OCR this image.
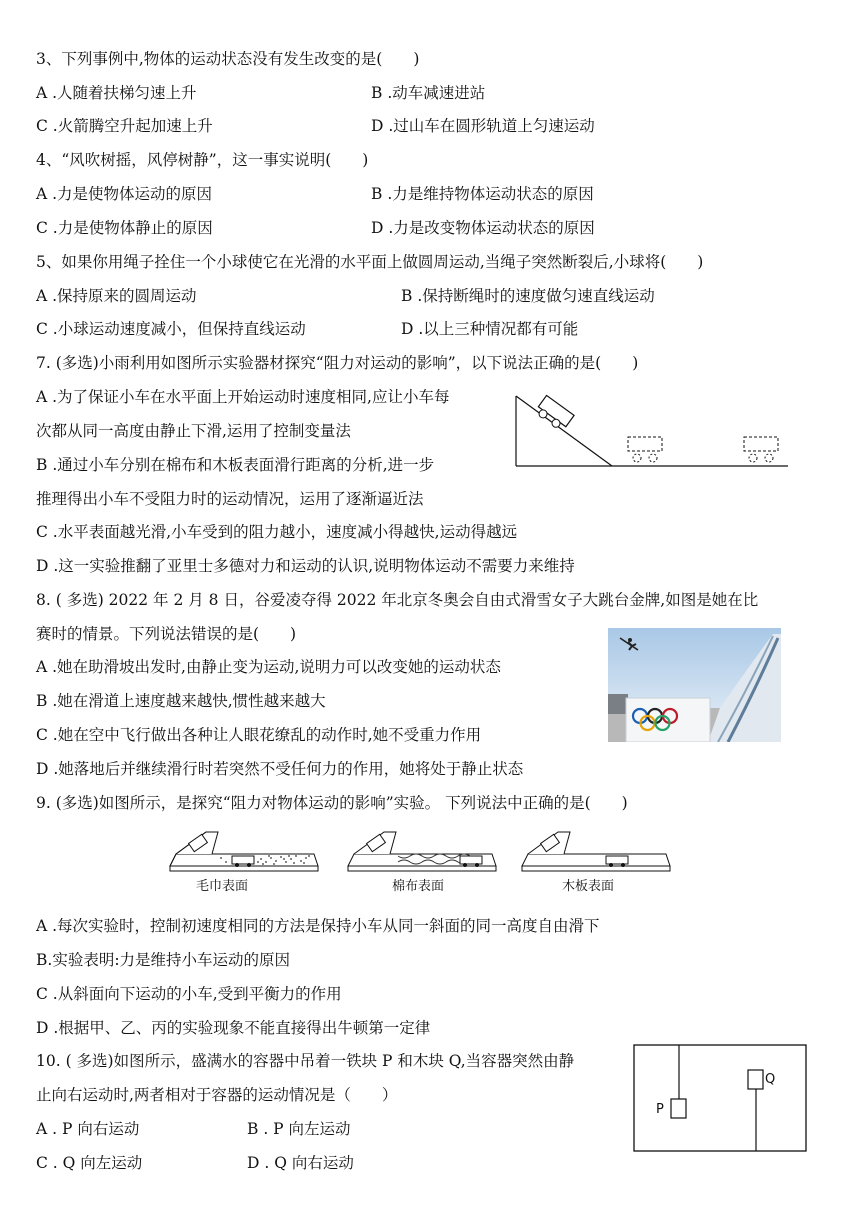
3、下列事例中,物体的运动状态没有发生改变的是(　　)
A .人随着扶梯匀速上升	B .动车减速进站
C .火箭腾空升起加速上升	D .过山车在圆形轨道上匀速运动
4、“风吹树摇，风停树静”，这一事实说明(　　)
A .力是使物体运动的原因	B .力是维持物体运动状态的原因
C .力是使物体静止的原因	D .力是改变物体运动状态的原因
5、如果你用绳子拴住一个小球使它在光滑的水平面上做圆周运动,当绳子突然断裂后,小球将(　　)
A .保持原来的圆周运动	B .保持断绳时的速度做匀速直线运动
C .小球运动速度减小，但保持直线运动	D .以上三种情况都有可能
7. (多选)小雨利用如图所示实验器材探究“阻力对运动的影响”，以下说法正确的是(　　)
A .为了保证小车在水平面上开始运动时速度相同,应让小车每
次都从同一高度由静止下滑,运用了控制变量法
B .通过小车分别在棉布和木板表面滑行距离的分析,进一步
推理得出小车不受阻力时的运动情况，运用了逐渐逼近法
C .水平表面越光滑,小车受到的阻力越小，速度减小得越快,运动得越远
D .这一实验推翻了亚里士多德对力和运动的认识,说明物体运动不需要力来维持
8. ( 多选) 2022 年 2 月 8 日，谷爱凌夺得 2022 年北京冬奥会自由式滑雪女子大跳台金牌,如图是她在比
赛时的情景。下列说法错误的是(　　)
A .她在助滑坡出发时,由静止变为运动,说明力可以改变她的运动状态
B .她在滑道上速度越来越快,惯性越来越大
C .她在空中飞行做出各种让人眼花缭乱的动作时,她不受重力作用
D .她落地后并继续滑行时若突然不受任何力的作用，她将处于静止状态
9. (多选)如图所示，是探究“阻力对物体运动的影响”实验。 下列说法中正确的是(　　)
毛巾表面	棉布表面	木板表面
A .每次实验时，控制初速度相同的方法是保持小车从同一斜面的同一高度自由滑下
B.实验表明:力是维持小车运动的原因
C .从斜面向下运动的小车,受到平衡力的作用
D .根据甲、乙、丙的实验现象不能直接得出牛顿第一定律
10. ( 多选)如图所示，盛满水的容器中吊着一铁块 P 和木块 Q,当容器突然由静
止向右运动时,两者相对于容器的运动情况是（　　）
A . P 向右运动	B . P 向左运动
C . Q 向左运动	D . Q 向右运动
P
Q
